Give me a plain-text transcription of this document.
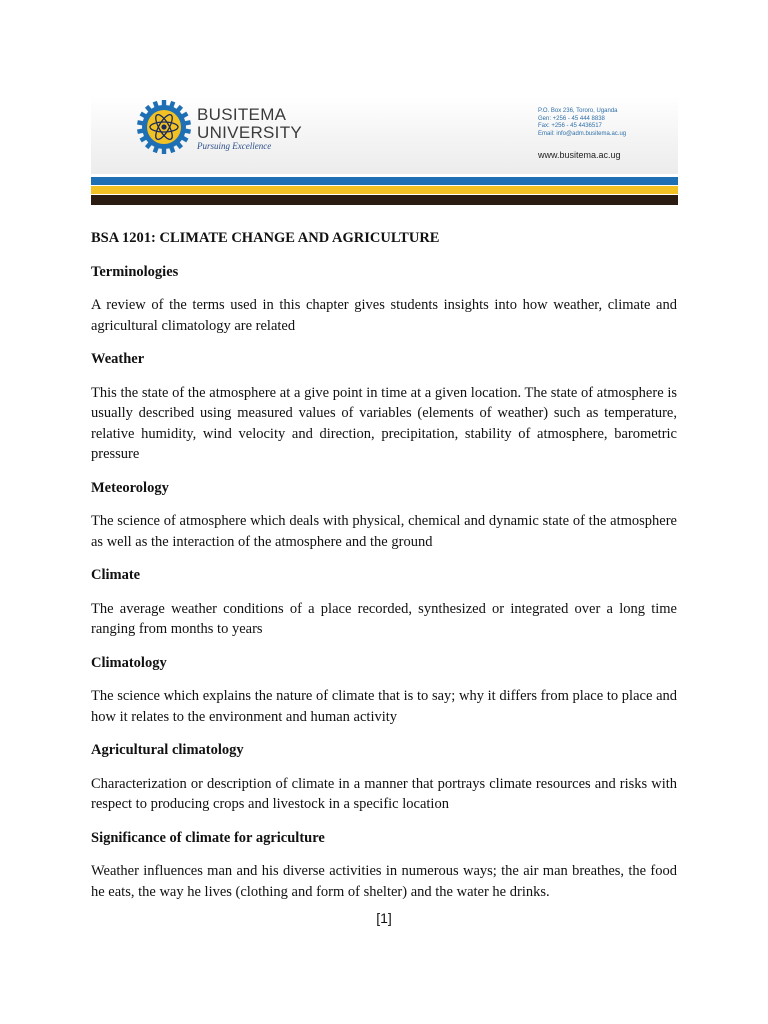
BUSITEMA
UNIVERSITY
Pursuing Excellence
P.O. Box 236, Tororo, Uganda
Gen: +256 - 45 444 8838
Fax: +256 - 45 4436517
Email: info@adm.busitema.ac.ug
www.busitema.ac.ug
BSA 1201: CLIMATE CHANGE AND AGRICULTURE
Terminologies

A review of the terms used in this chapter gives students insights into how weather, climate and agricultural climatology are related

Weather

This the state of the atmosphere at a give point in time at a given location. The state of atmosphere is usually described using measured values of variables (elements of weather) such as temperature, relative humidity, wind velocity and direction, precipitation, stability of atmosphere, barometric pressure

Meteorology

The science of atmosphere which deals with physical, chemical and dynamic state of the atmosphere as well as the interaction of the atmosphere and the ground

Climate

The average weather conditions of a place recorded, synthesized or integrated over a long time ranging from months to years

Climatology

The science which explains the nature of climate that is to say; why it differs from place to place and how it relates to the environment and human activity

Agricultural climatology

Characterization or description of climate in a manner that portrays climate resources and risks with respect to producing crops and livestock in a specific location

Significance of climate for agriculture

Weather influences man and his diverse activities in numerous ways; the air man breathes, the food he eats, the way he lives (clothing and form of shelter) and the water he drinks.

[1]
